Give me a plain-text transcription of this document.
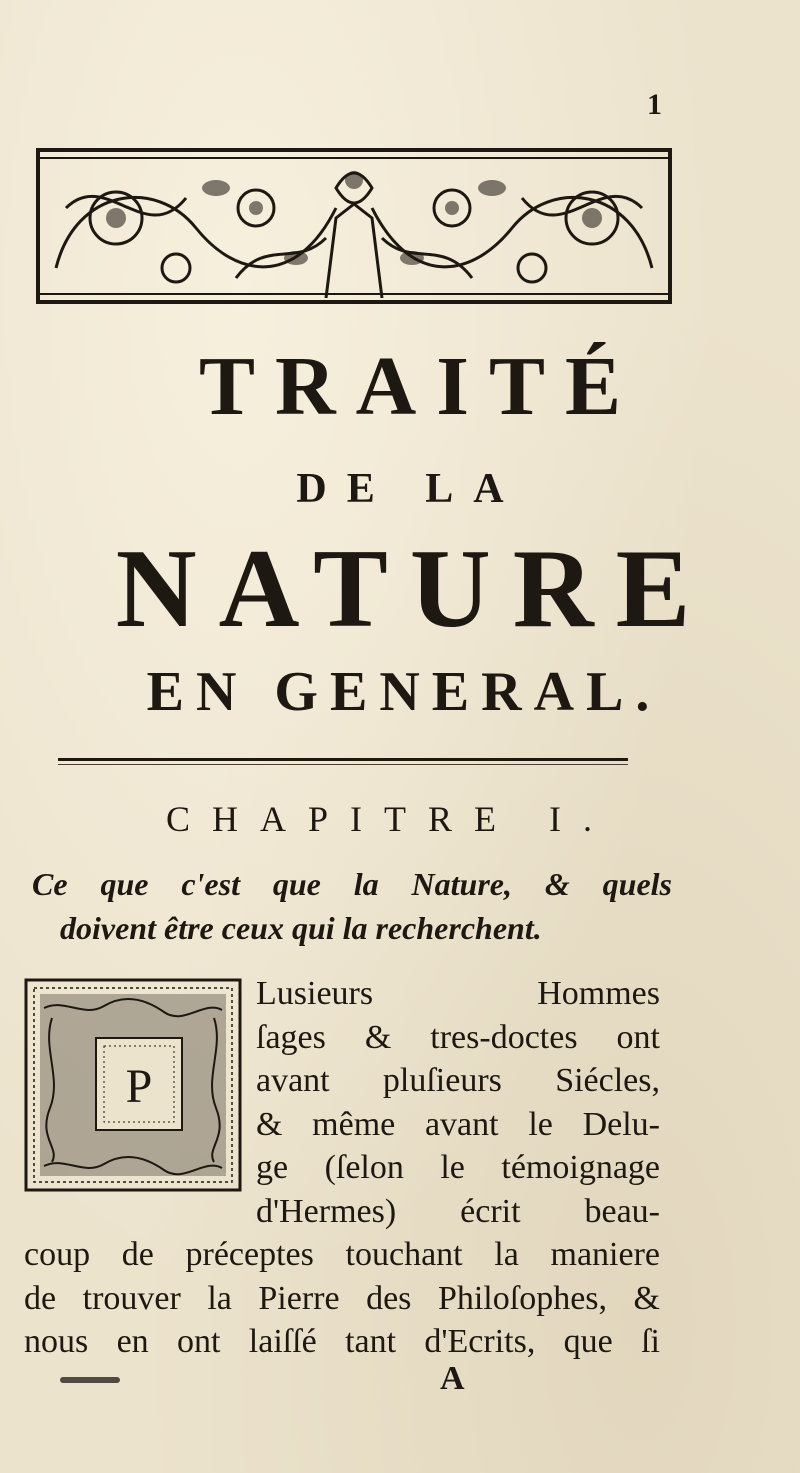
1
TRAITÉ
DE LA
NATURE
EN GENERAL.
CHAPITRE I.
Ce que c'est que la Nature, & quels
doivent être ceux qui la recherchent.
P
Lusieurs Hommes
ſages & tres-doctes ont
avant pluſieurs Siécles,
& même avant le Delu-
ge (ſelon le témoignage
d'Hermes) écrit beau-
coup de préceptes touchant la maniere
de trouver la Pierre des Philoſophes, &
nous en ont laiſſé tant d'Ecrits, que ſi
A
